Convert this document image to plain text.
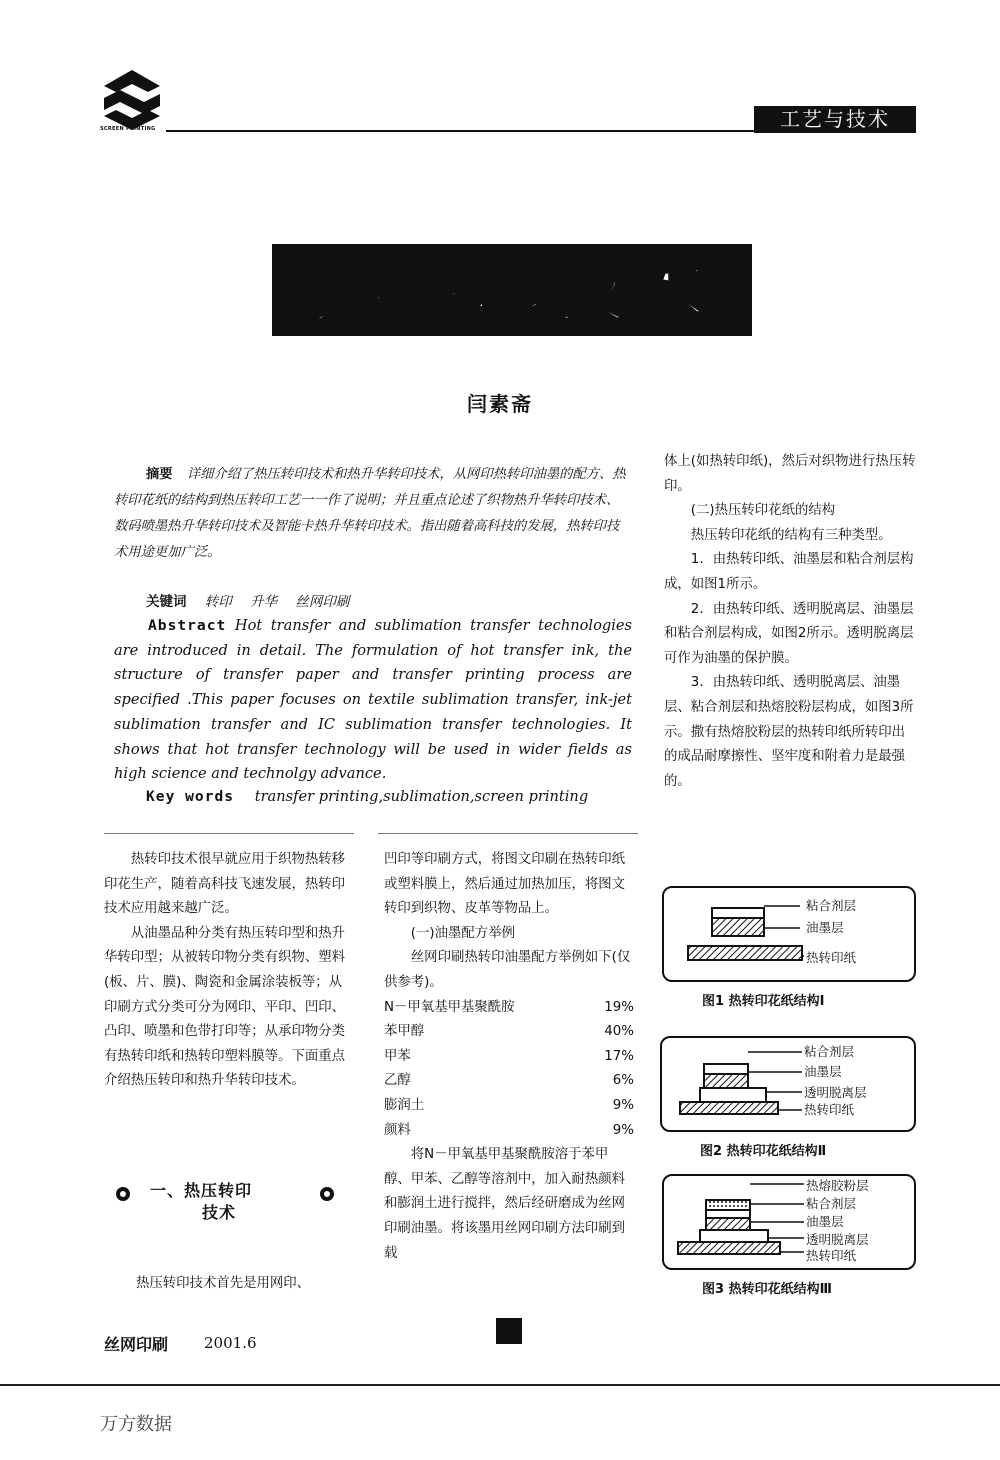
SCREEN PRINTING	工艺与技术
热转印技术
闫素斋
摘要 详细介绍了热压转印技术和热升华转印技术，从网印热转印油墨的配方、热转印花纸的结构到热压转印工艺一一作了说明；并且重点论述了织物热升华转印技术、数码喷墨热升华转印技术及智能卡热升华转印技术。指出随着高科技的发展，热转印技术用途更加广泛。
关键词 转印 升华 丝网印刷
Abstract Hot transfer and sublimation transfer technologies are introduced in detail. The formulation of hot transfer ink, the structure of transfer paper and transfer printing process are specified .This paper focuses on textile sublimation transfer, ink-jet sublimation transfer and IC sublimation transfer technologies. It shows that hot transfer technology will be used in wider fields as high science and technolgy advance.
Key words transfer printing,sublimation,screen printing

热转印技术很早就应用于织物热转移印花生产，随着高科技飞速发展，热转印技术应用越来越广泛。

从油墨品种分类有热压转印型和热升华转印型；从被转印物分类有织物、塑料(板、片、膜)、陶瓷和金属涂装板等；从印刷方式分类可分为网印、平印、凹印、凸印、喷墨和色带打印等；从承印物分类有热转印纸和热转印塑料膜等。下面重点介绍热压转印和热升华转印技术。

一、热压转印
技术
热压转印技术首先是用网印、

凹印等印刷方式，将图文印刷在热转印纸或塑料膜上，然后通过加热加压，将图文转印到织物、皮革等物品上。

(一)油墨配方举例

丝网印刷热转印油墨配方举例如下(仅供参考)。

N－甲氧基甲基聚酰胺	19%
苯甲醇	40%
甲苯	17%
乙醇	6%
膨润土	9%
颜料	9%

将N－甲氧基甲基聚酰胺溶于苯甲醇、甲苯、乙醇等溶剂中，加入耐热颜料和膨润土进行搅拌，然后经研磨成为丝网印刷油墨。将该墨用丝网印刷方法印刷到载

体上(如热转印纸)，然后对织物进行热压转印。

(二)热压转印花纸的结构

热压转印花纸的结构有三种类型。

1．由热转印纸、油墨层和粘合剂层构成，如图1所示。

2．由热转印纸、透明脱离层、油墨层和粘合剂层构成，如图2所示。透明脱离层可作为油墨的保护膜。

3．由热转印纸、透明脱离层、油墨层、粘合剂层和热熔胶粉层构成，如图3所示。撒有热熔胶粉层的热转印纸所转印出的成品耐摩擦性、坚牢度和附着力是最强的。

粘合剂层
油墨层
热转印纸
图1 热转印花纸结构Ⅰ
粘合剂层
油墨层
透明脱离层
热转印纸
图2 热转印花纸结构Ⅱ
热熔胶粉层
粘合剂层
油墨层
透明脱离层
热转印纸
图3 热转印花纸结构Ⅲ
丝网印刷 2001.6
万方数据
